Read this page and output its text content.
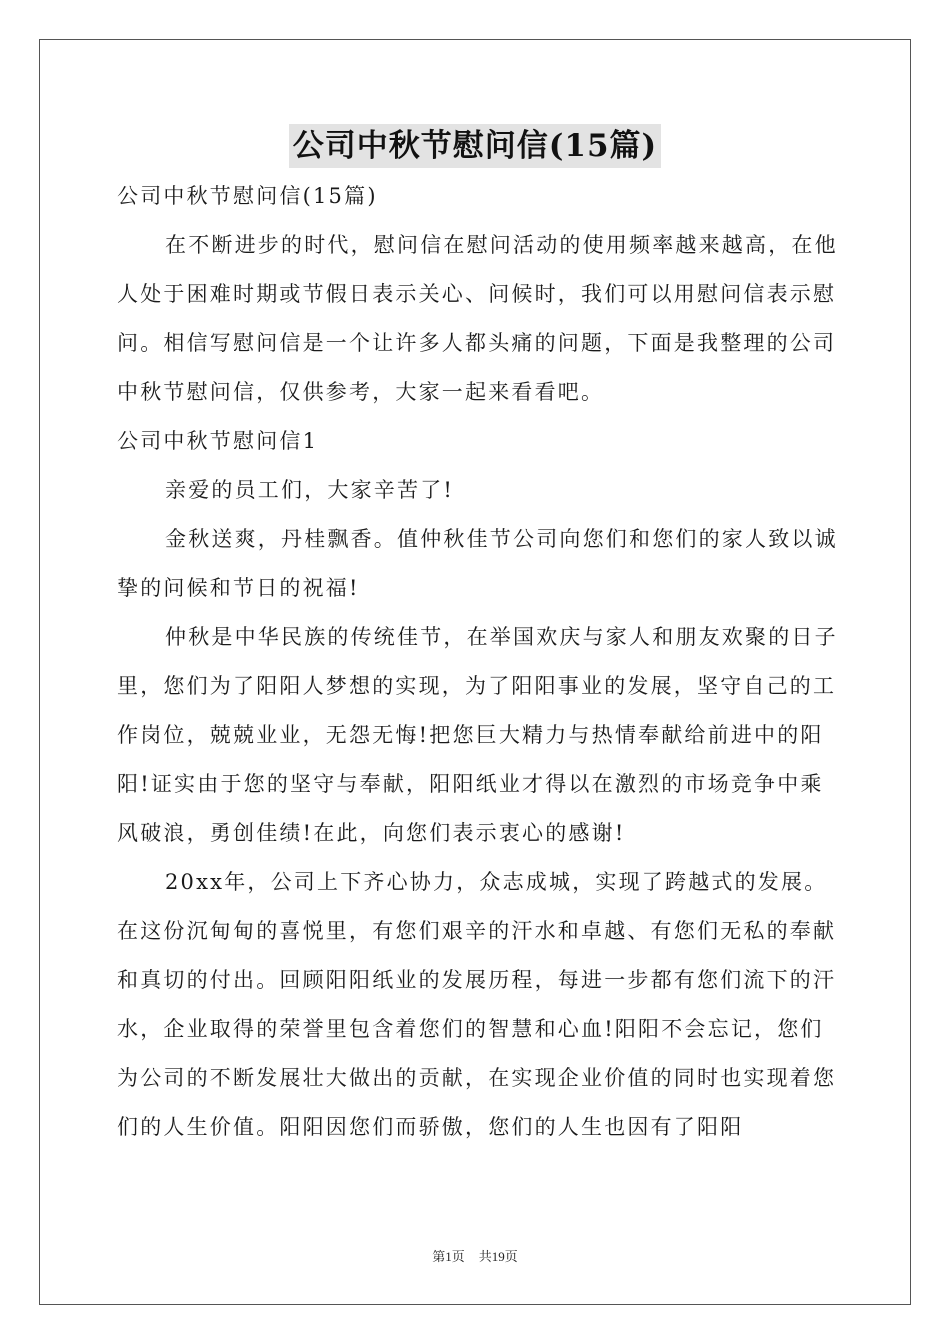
公司中秋节慰问信(15篇)

公司中秋节慰问信(15篇)

在不断进步的时代，慰问信在慰问活动的使用频率越来越高，在他人处于困难时期或节假日表示关心、问候时，我们可以用慰问信表示慰问。相信写慰问信是一个让许多人都头痛的问题，下面是我整理的公司中秋节慰问信，仅供参考，大家一起来看看吧。

公司中秋节慰问信1

亲爱的员工们，大家辛苦了!

金秋送爽，丹桂飘香。值仲秋佳节公司向您们和您们的家人致以诚挚的问候和节日的祝福!

仲秋是中华民族的传统佳节，在举国欢庆与家人和朋友欢聚的日子里，您们为了阳阳人梦想的实现，为了阳阳事业的发展，坚守自己的工作岗位，兢兢业业，无怨无悔!把您巨大精力与热情奉献给前进中的阳阳!证实由于您的坚守与奉献，阳阳纸业才得以在激烈的市场竞争中乘风破浪，勇创佳绩!在此，向您们表示衷心的感谢!

20xx年，公司上下齐心协力，众志成城，实现了跨越式的发展。在这份沉甸甸的喜悦里，有您们艰辛的汗水和卓越、有您们无私的奉献和真切的付出。回顾阳阳纸业的发展历程，每进一步都有您们流下的汗水，企业取得的荣誉里包含着您们的智慧和心血!阳阳不会忘记，您们为公司的不断发展壮大做出的贡献，在实现企业价值的同时也实现着您们的人生价值。阳阳因您们而骄傲，您们的人生也因有了阳阳

第1页 共19页
